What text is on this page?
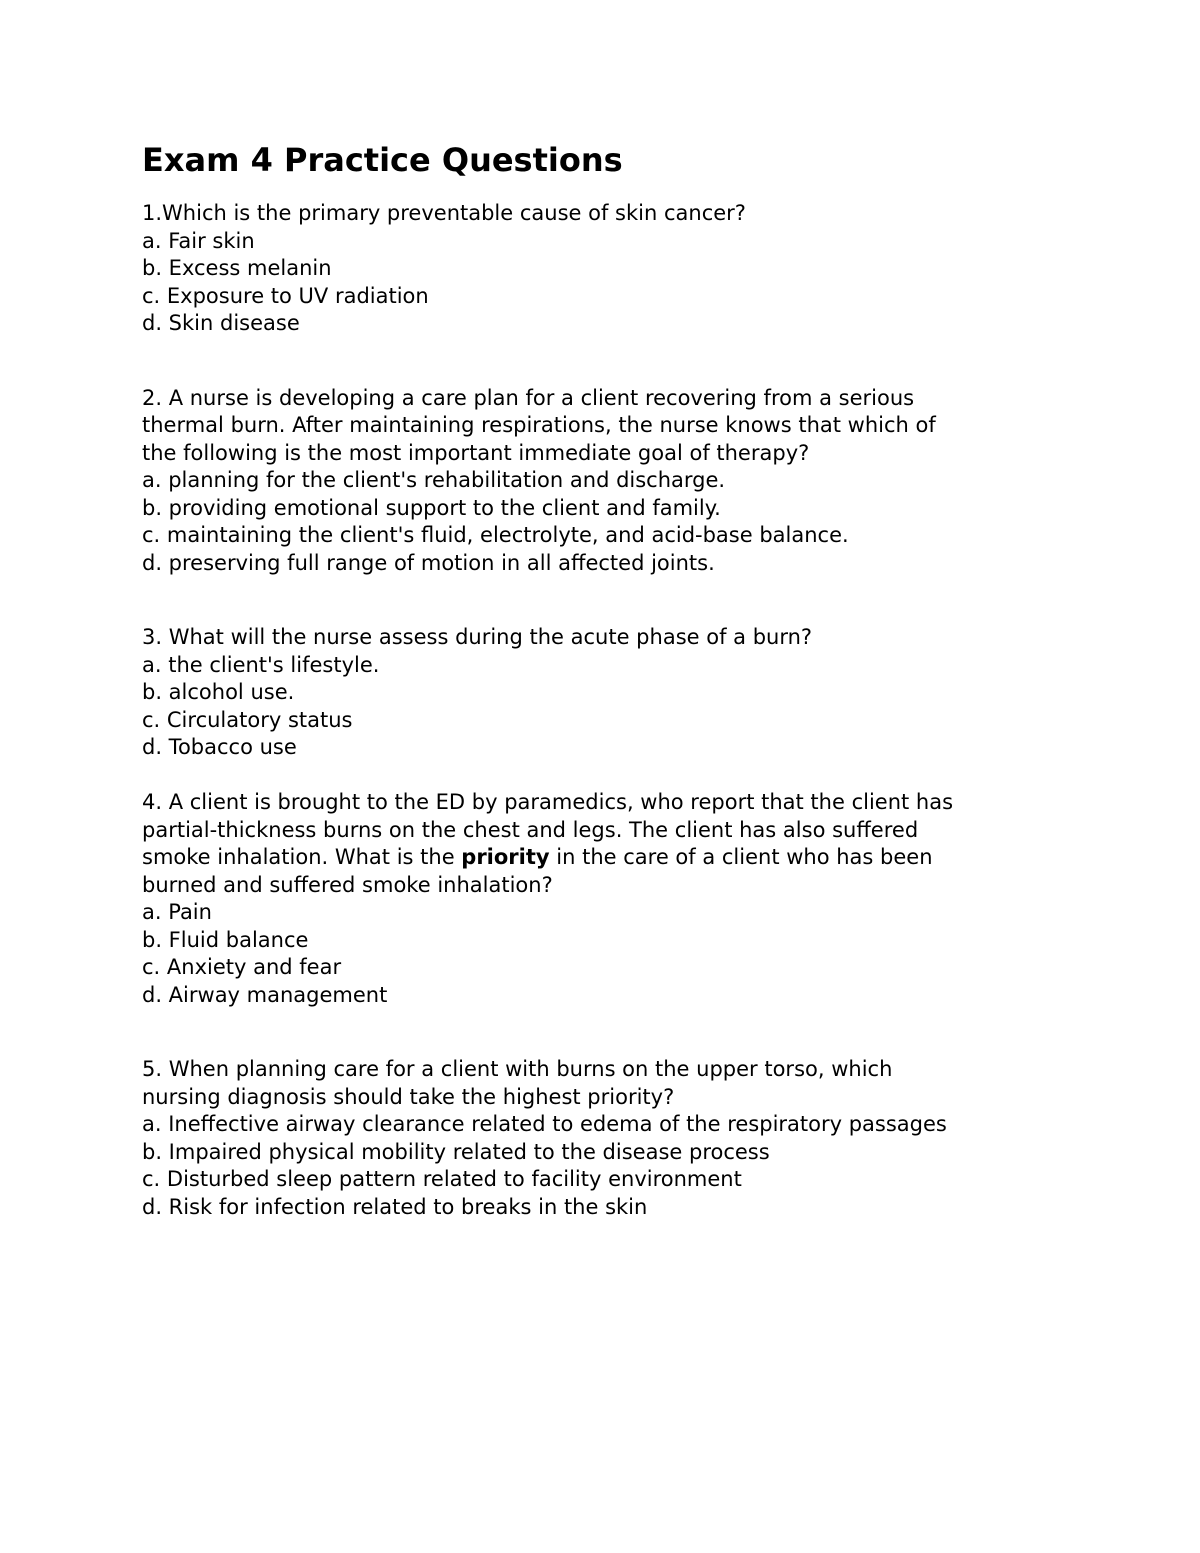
Exam 4 Practice Questions
1.Which is the primary preventable cause of skin cancer?
a. Fair skin
b. Excess melanin
c. Exposure to UV radiation
d. Skin disease
2. A nurse is developing a care plan for a client recovering from a serious
thermal burn. After maintaining respirations, the nurse knows that which of
the following is the most important immediate goal of therapy?
a. planning for the client's rehabilitation and discharge.
b. providing emotional support to the client and family.
c. maintaining the client's fluid, electrolyte, and acid-base balance.
d. preserving full range of motion in all affected joints.
3. What will the nurse assess during the acute phase of a burn?
a. the client's lifestyle.
b. alcohol use.
c. Circulatory status
d. Tobacco use
4. A client is brought to the ED by paramedics, who report that the client has
partial-thickness burns on the chest and legs. The client has also suffered
smoke inhalation. What is the priority in the care of a client who has been
burned and suffered smoke inhalation?
a. Pain
b. Fluid balance
c. Anxiety and fear
d. Airway management
5. When planning care for a client with burns on the upper torso, which
nursing diagnosis should take the highest priority?
a. Ineffective airway clearance related to edema of the respiratory passages
b. Impaired physical mobility related to the disease process
c. Disturbed sleep pattern related to facility environment
d. Risk for infection related to breaks in the skin
